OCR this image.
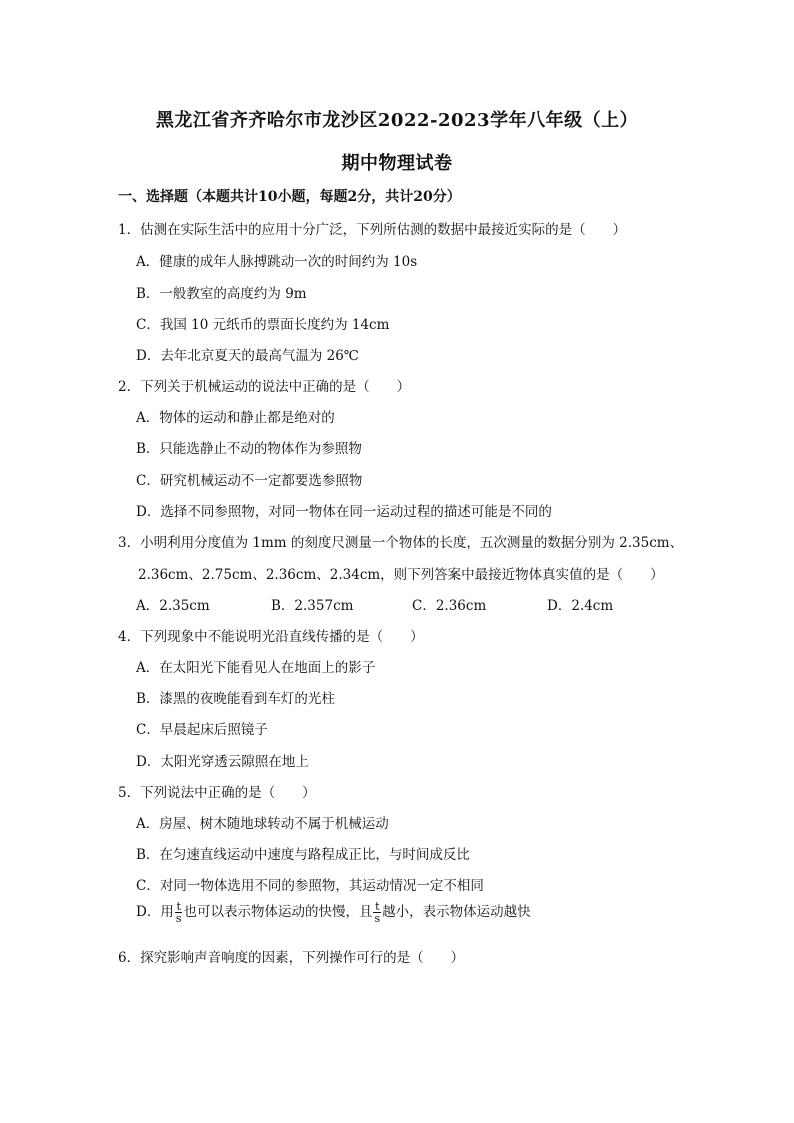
黑龙江省齐齐哈尔市龙沙区2022-2023学年八年级（上）
期中物理试卷
一、选择题（本题共计10小题，每题2分，共计20分）
1．估测在实际生活中的应用十分广泛，下列所估测的数据中最接近实际的是（　　）
A．健康的成年人脉搏跳动一次的时间约为 10s
B．一般教室的高度约为 9m
C．我国 10 元纸币的票面长度约为 14cm
D．去年北京夏天的最高气温为 26℃
2．下列关于机械运动的说法中正确的是（　　）
A．物体的运动和静止都是绝对的
B．只能选静止不动的物体作为参照物
C．研究机械运动不一定都要选参照物
D．选择不同参照物，对同一物体在同一运动过程的描述可能是不同的
3．小明利用分度值为 1mm 的刻度尺测量一个物体的长度，五次测量的数据分别为 2.35cm、
2.36cm、2.75cm、2.36cm、2.34cm，则下列答案中最接近物体真实值的是（　　）
A．2.35cm	B．2.357cm	C．2.36cm	D．2.4cm
4．下列现象中不能说明光沿直线传播的是（　　）
A．在太阳光下能看见人在地面上的影子
B．漆黑的夜晚能看到车灯的光柱
C．早晨起床后照镜子
D．太阳光穿透云隙照在地上
5．下列说法中正确的是（　　）
A．房屋、树木随地球转动不属于机械运动
B．在匀速直线运动中速度与路程成正比，与时间成反比
C．对同一物体选用不同的参照物，其运动情况一定不相同
D．用 $\frac{t}{s}$ 也可以表示物体运动的快慢，且 $\frac{t}{s}$ 越小，表示物体运动越快
6．探究影响声音响度的因素，下列操作可行的是（　　）
